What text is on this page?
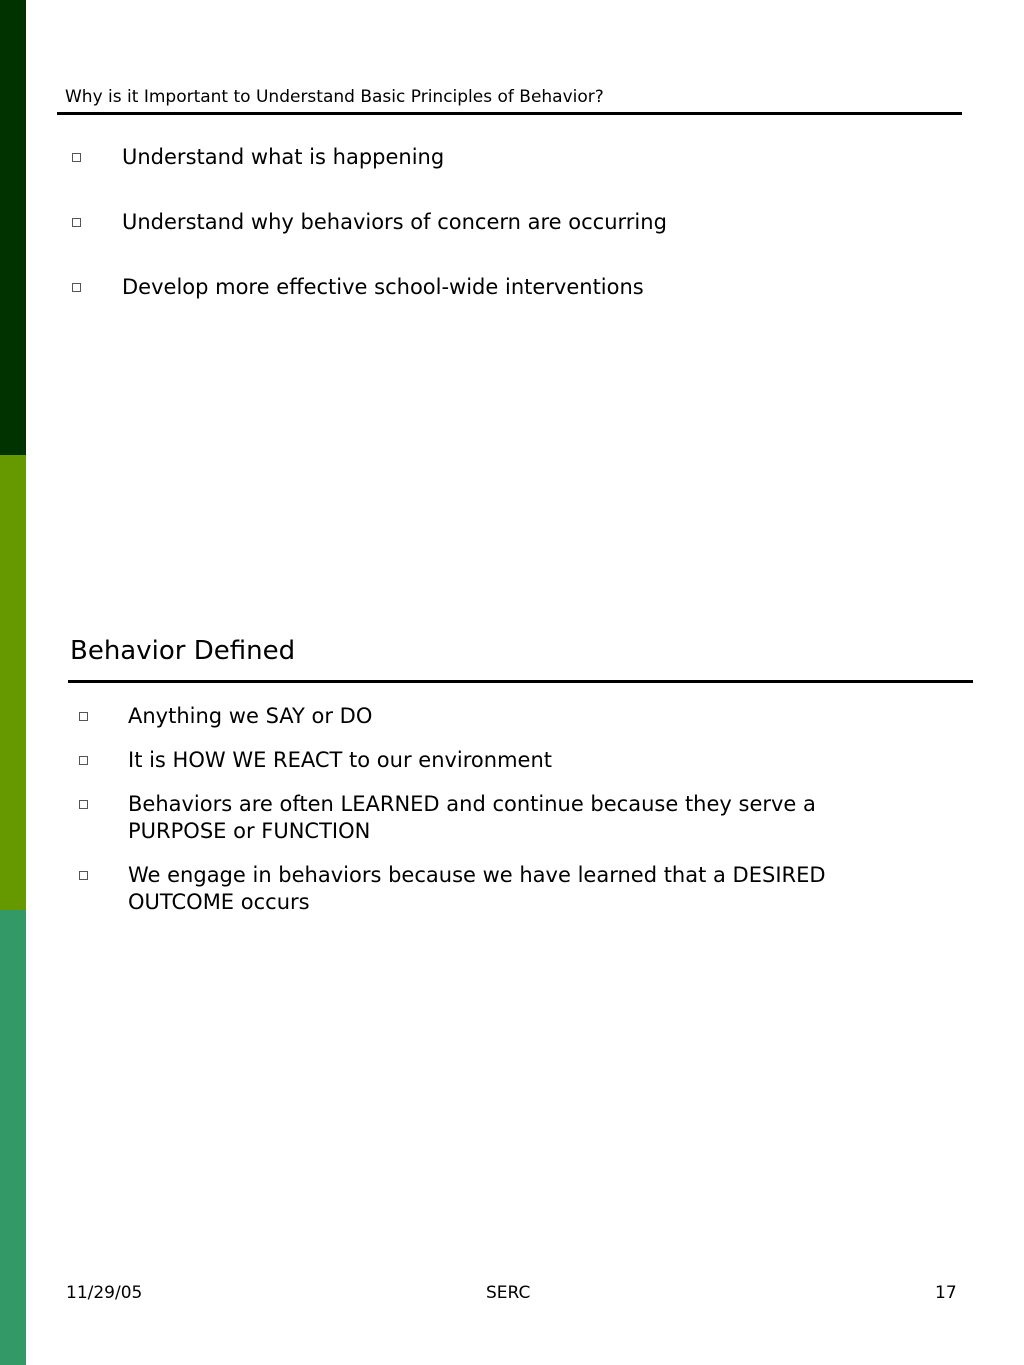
Why is it Important to Understand Basic Principles of Behavior?
Understand what is happening
Understand why behaviors of concern are occurring
Develop more effective school-wide interventions
Behavior Defined
Anything we SAY or DO
It is HOW WE REACT to our environment
Behaviors are often LEARNED and continue because they serve a
PURPOSE or FUNCTION
We engage in behaviors because we have learned that a DESIRED
OUTCOME occurs
11/29/05	SERC	17
